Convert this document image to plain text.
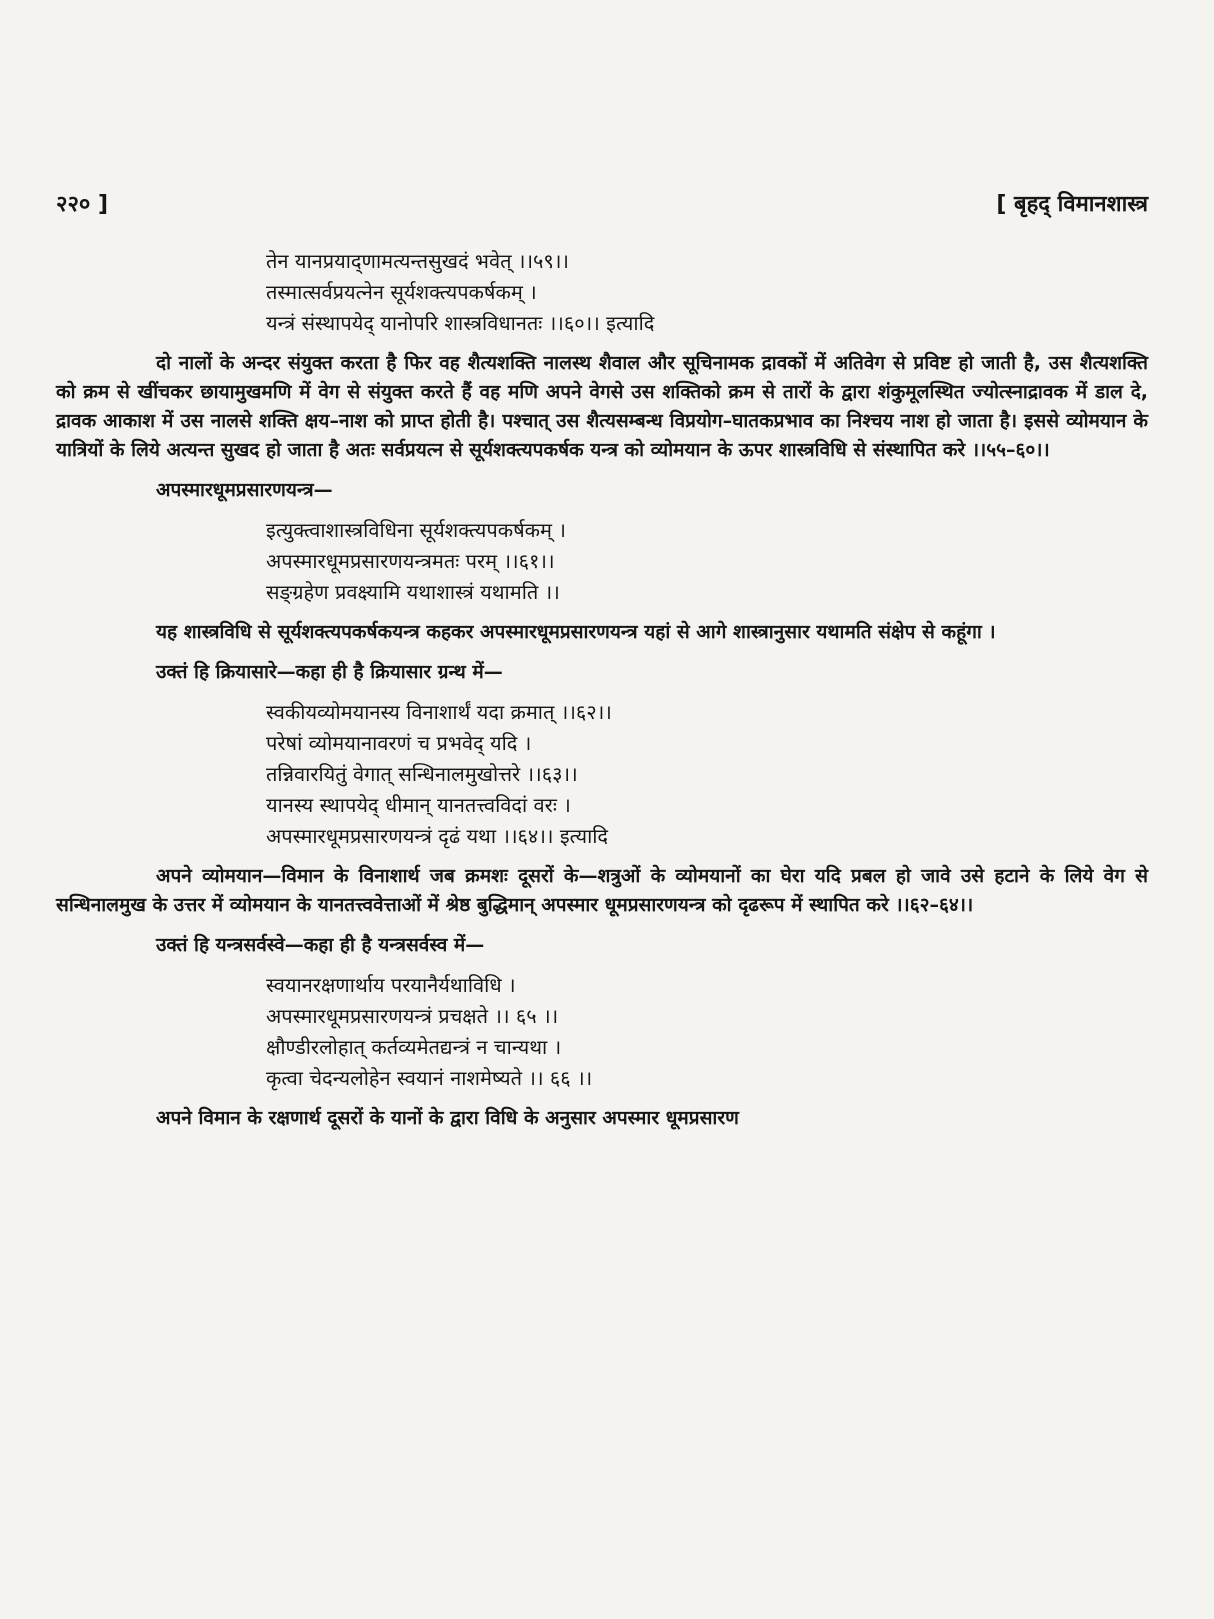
२२० ]	[ बृहद् विमानशास्त्र

तेन यानप्रयाद्‌णामत्यन्तसुखदं भवेत् ।।५९।।

तस्मात्सर्वप्रयत्नेन सूर्यशक्त्यपकर्षकम् ।

यन्त्रं संस्थापयेद् यानोपरि शास्त्रविधानतः ।।६०।। इत्यादि

दो नालों के अन्दर संयुक्त करता है फिर वह शैत्यशक्ति नालस्थ शैवाल और सूचिनामक द्रावकों में अतिवेग से प्रविष्ट हो जाती है, उस शैत्यशक्ति को क्रम से खींचकर छायामुखमणि में वेग से संयुक्त करते हैं वह मणि अपने वेगसे उस शक्तिको क्रम से तारों के द्वारा शंकुमूलस्थित ज्योत्स्नाद्रावक में डाल दे, द्रावक आकाश में उस नालसे शक्ति क्षय–नाश को प्राप्त होती है। पश्चात् उस शैत्यसम्बन्ध विप्रयोग–घातकप्रभाव का निश्चय नाश हो जाता है। इससे व्योमयान के यात्रियों के लिये अत्यन्त सुखद हो जाता है अतः सर्वप्रयत्न से सूर्यशक्त्यपकर्षक यन्त्र को व्योमयान के ऊपर शास्त्रविधि से संस्थापित करे ।।५५–६०।।

अपस्मारधूमप्रसारणयन्त्र—

इत्युक्त्वाशास्त्रविधिना सूर्यशक्त्यपकर्षकम् ।

अपस्मारधूमप्रसारणयन्त्रमतः परम् ।।६१।।

सङ्ग्रहेण प्रवक्ष्यामि यथाशास्त्रं यथामति ।।

यह शास्त्रविधि से सूर्यशक्त्यपकर्षकयन्त्र कहकर अपस्मारधूमप्रसारणयन्त्र यहां से आगे शास्त्रानुसार यथामति संक्षेप से कहूंगा ।

उक्तं हि क्रियासारे—कहा ही है क्रियासार ग्रन्थ में—

स्वकीयव्योमयानस्य विनाशार्थं यदा क्रमात् ।।६२।।

परेषां व्योमयानावरणं च प्रभवेद् यदि ।

तन्निवारयितुं वेगात् सन्धिनालमुखोत्तरे ।।६३।।

यानस्य स्थापयेद् धीमान् यानतत्त्वविदां वरः ।

अपस्मारधूमप्रसारणयन्त्रं दृढं यथा ।।६४।। इत्यादि

अपने व्योमयान—विमान के विनाशार्थ जब क्रमशः दूसरों के—शत्रुओं के व्योमयानों का घेरा यदि प्रबल हो जावे उसे हटाने के लिये वेग से सन्धिनालमुख के उत्तर में व्योमयान के यानतत्त्ववेत्ताओं में श्रेष्ठ बुद्धिमान् अपस्मार धूमप्रसारणयन्त्र को दृढरूप में स्थापित करे ।।६२–६४।।

उक्तं हि यन्त्रसर्वस्वे—कहा ही है यन्त्रसर्वस्व में—

स्वयानरक्षणार्थाय परयानैर्यथाविधि ।

अपस्मारधूमप्रसारणयन्त्रं प्रचक्षते ।। ६५ ।।

क्षौण्डीरलोहात् कर्तव्यमेतद्यन्त्रं न चान्यथा ।

कृत्वा चेदन्यलोहेन स्वयानं नाशमेष्यते ।। ६६ ।।

अपने विमान के रक्षणार्थ दूसरों के यानों के द्वारा विधि के अनुसार अपस्मार धूमप्रसारण
